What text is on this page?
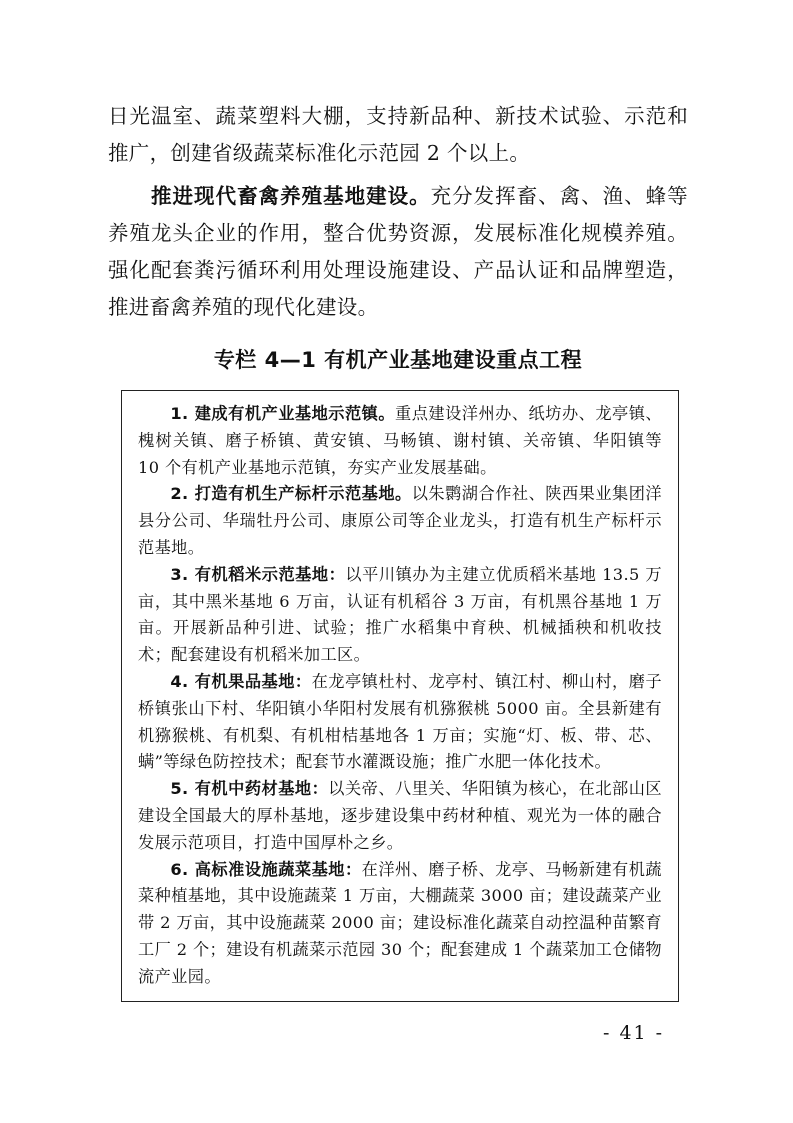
日光温室、蔬菜塑料大棚，支持新品种、新技术试验、示范和推广，创建省级蔬菜标准化示范园 2 个以上。

推进现代畜禽养殖基地建设。充分发挥畜、禽、渔、蜂等养殖龙头企业的作用，整合优势资源，发展标准化规模养殖。强化配套粪污循环利用处理设施建设、产品认证和品牌塑造，推进畜禽养殖的现代化建设。

专栏 4—1 有机产业基地建设重点工程

1. 建成有机产业基地示范镇。重点建设洋州办、纸坊办、龙亭镇、槐树关镇、磨子桥镇、黄安镇、马畅镇、谢村镇、关帝镇、华阳镇等 10 个有机产业基地示范镇，夯实产业发展基础。

2. 打造有机生产标杆示范基地。以朱鹮湖合作社、陕西果业集团洋县分公司、华瑞牡丹公司、康原公司等企业龙头，打造有机生产标杆示范基地。

3. 有机稻米示范基地：以平川镇办为主建立优质稻米基地 13.5 万亩，其中黑米基地 6 万亩，认证有机稻谷 3 万亩，有机黑谷基地 1 万亩。开展新品种引进、试验；推广水稻集中育秧、机械插秧和机收技术；配套建设有机稻米加工区。

4. 有机果品基地：在龙亭镇杜村、龙亭村、镇江村、柳山村，磨子桥镇张山下村、华阳镇小华阳村发展有机猕猴桃 5000 亩。全县新建有机猕猴桃、有机梨、有机柑桔基地各 1 万亩；实施“灯、板、带、芯、螨”等绿色防控技术；配套节水灌溉设施；推广水肥一体化技术。

5. 有机中药材基地：以关帝、八里关、华阳镇为核心，在北部山区建设全国最大的厚朴基地，逐步建设集中药材种植、观光为一体的融合发展示范项目，打造中国厚朴之乡。

6. 高标准设施蔬菜基地：在洋州、磨子桥、龙亭、马畅新建有机蔬菜种植基地，其中设施蔬菜 1 万亩，大棚蔬菜 3000 亩；建设蔬菜产业带 2 万亩，其中设施蔬菜 2000 亩；建设标准化蔬菜自动控温种苗繁育工厂 2 个；建设有机蔬菜示范园 30 个；配套建成 1 个蔬菜加工仓储物流产业园。

- 41 -
